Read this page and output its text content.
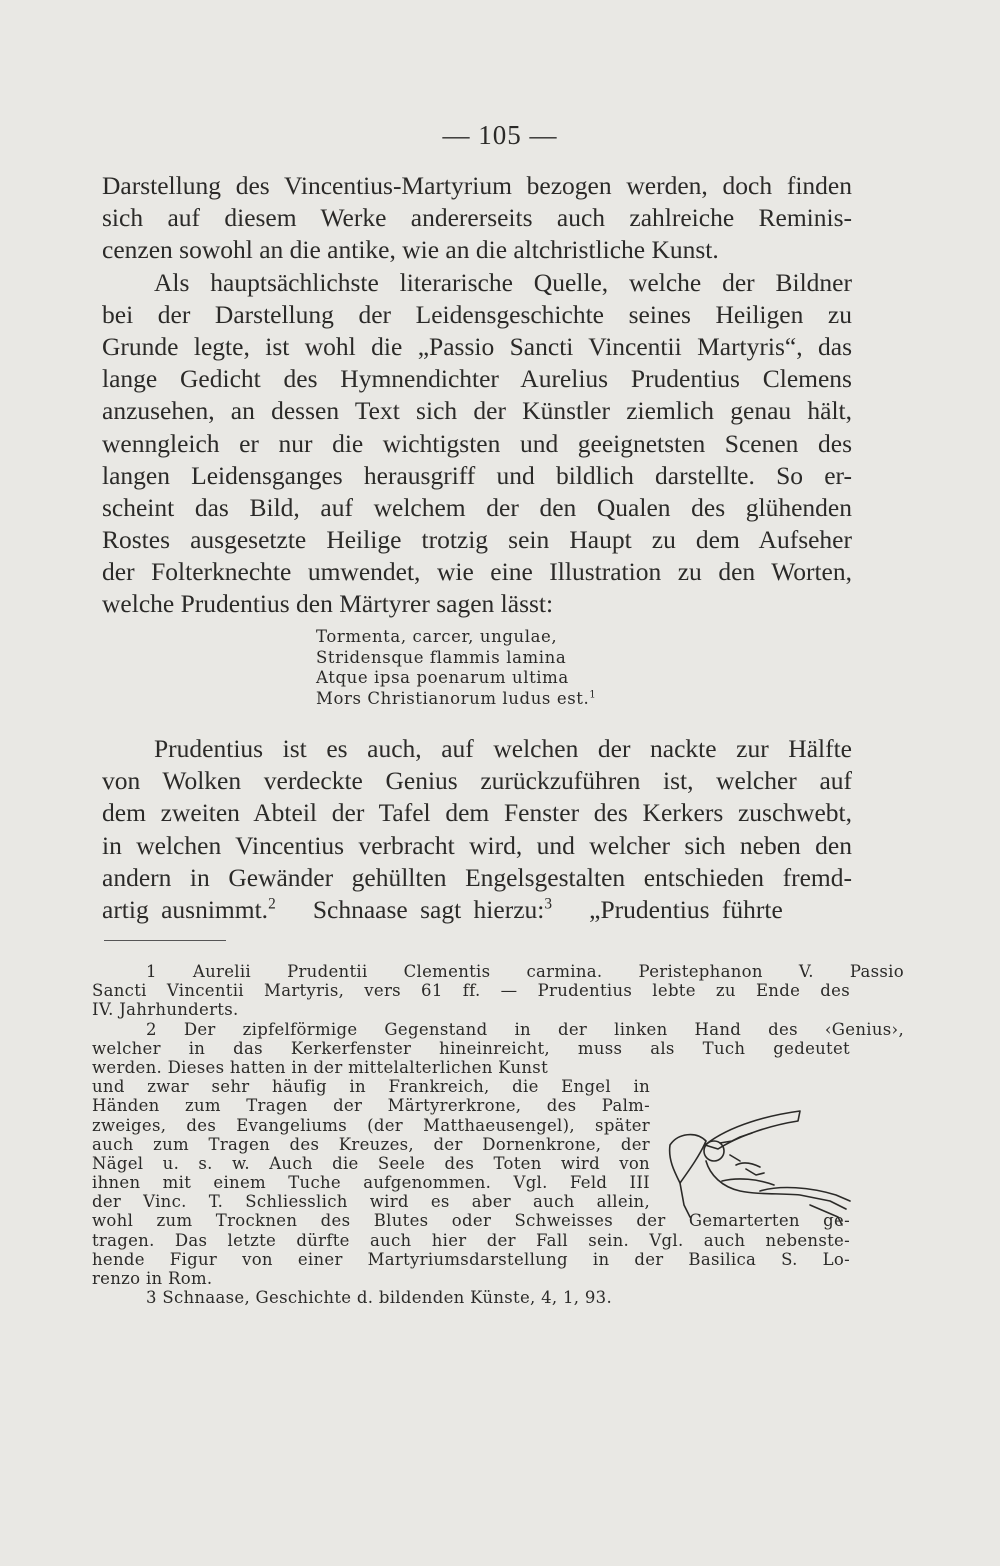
— 105 —
Darstellung des Vincentius-Martyrium bezogen werden, doch finden
sich auf diesem Werke andererseits auch zahlreiche Reminis-
cenzen sowohl an die antike, wie an die altchristliche Kunst.
Als hauptsächlichste literarische Quelle, welche der Bildner
bei der Darstellung der Leidensgeschichte seines Heiligen zu
Grunde legte, ist wohl die „Passio Sancti Vincentii Martyris“, das
lange Gedicht des Hymnendichter Aurelius Prudentius Clemens
anzusehen, an dessen Text sich der Künstler ziemlich genau hält,
wenngleich er nur die wichtigsten und geeignetsten Scenen des
langen Leidensganges herausgriff und bildlich darstellte. So er-
scheint das Bild, auf welchem der den Qualen des glühenden
Rostes ausgesetzte Heilige trotzig sein Haupt zu dem Aufseher
der Folterknechte umwendet, wie eine Illustration zu den Worten,
welche Prudentius den Märtyrer sagen lässt:
Tormenta, carcer, ungulae,
Stridensque flammis lamina
Atque ipsa poenarum ultima
Mors Christianorum ludus est.$^1$
Prudentius ist es auch, auf welchen der nackte zur Hälfte
von Wolken verdeckte Genius zurückzuführen ist, welcher auf
dem zweiten Abteil der Tafel dem Fenster des Kerkers zuschwebt,
in welchen Vincentius verbracht wird, und welcher sich neben den
andern in Gewänder gehüllten Engelsgestalten entschieden fremd-
artig ausnimmt.$^2$ Schnaase sagt hierzu:$^3$ „Prudentius führte
1 Aurelii Prudentii Clementis carmina. Peristephanon V. Passio
Sancti Vincentii Martyris, vers 61 ff. — Prudentius lebte zu Ende des
IV. Jahrhunderts.
2 Der zipfelförmige Gegenstand in der linken Hand des ‹Genius›,
welcher in das Kerkerfenster hineinreicht, muss als Tuch gedeutet
werden. Dieses hatten in der mittelalterlichen Kunst
und zwar sehr häufig in Frankreich, die Engel in
Händen zum Tragen der Märtyrerkrone, des Palm-
zweiges, des Evangeliums (der Matthaeusengel), später
auch zum Tragen des Kreuzes, der Dornenkrone, der
Nägel u. s. w. Auch die Seele des Toten wird von
ihnen mit einem Tuche aufgenommen. Vgl. Feld III
der Vinc. T. Schliesslich wird es aber auch allein,
wohl zum Trocknen des Blutes oder Schweisses der Gemarterten ge-
tragen. Das letzte dürfte auch hier der Fall sein. Vgl. auch nebenste-
hende Figur von einer Martyriumsdarstellung in der Basilica S. Lo-
renzo in Rom.
3 Schnaase, Geschichte d. bildenden Künste, 4, 1, 93.
